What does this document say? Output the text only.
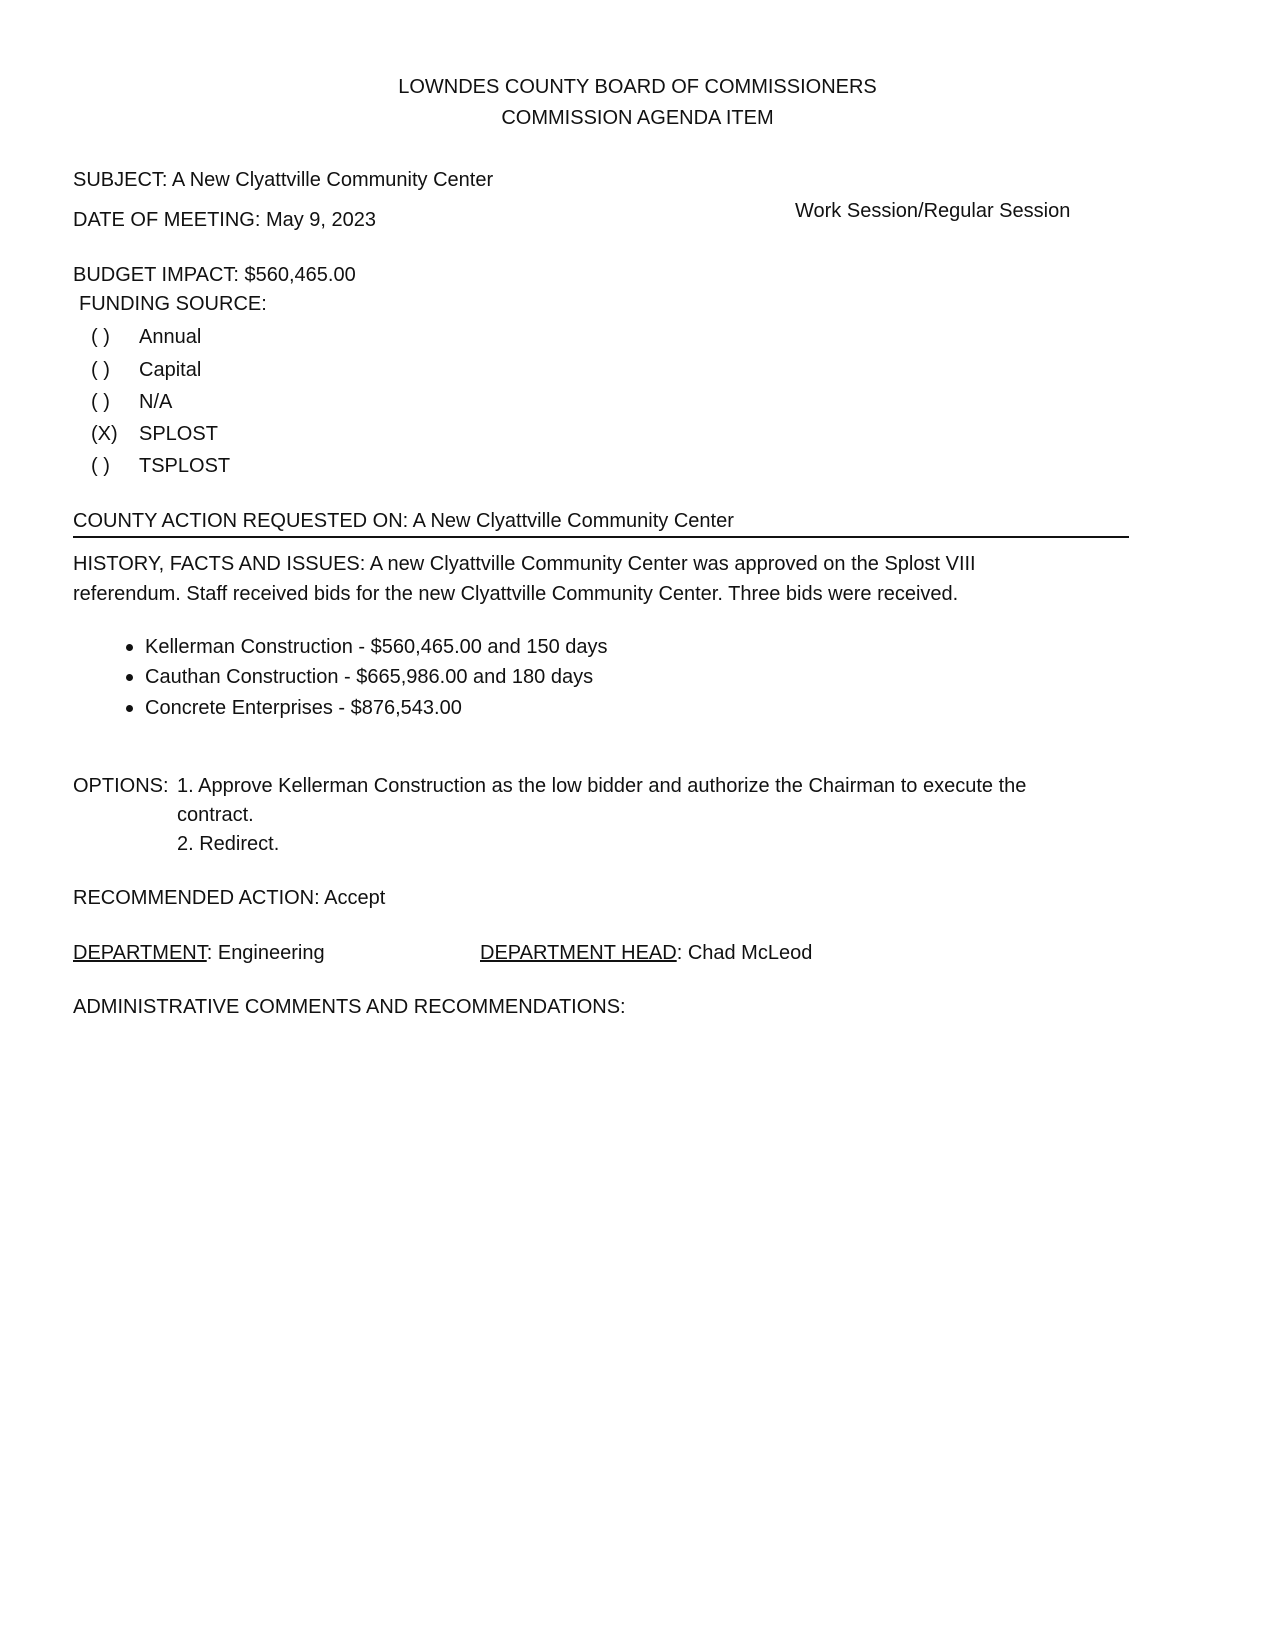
LOWNDES COUNTY BOARD OF COMMISSIONERS
COMMISSION AGENDA ITEM
SUBJECT: A New Clyattville Community Center
DATE OF MEETING: May 9, 2023	Work Session/Regular Session
BUDGET IMPACT: $560,465.00
FUNDING SOURCE:
( ) Annual
( ) Capital
( ) N/A
(X) SPLOST
( ) TSPLOST
COUNTY ACTION REQUESTED ON: A New Clyattville Community Center
HISTORY, FACTS AND ISSUES: A new Clyattville Community Center was approved on the Splost VIII
referendum. Staff received bids for the new Clyattville Community Center. Three bids were received.
Kellerman Construction - $560,465.00 and 150 days
Cauthan Construction - $665,986.00 and 180 days
Concrete Enterprises - $876,543.00
OPTIONS: 1. Approve Kellerman Construction as the low bidder and authorize the Chairman to execute the
contract.
2. Redirect.
RECOMMENDED ACTION: Accept
DEPARTMENT: Engineering	DEPARTMENT HEAD: Chad McLeod
ADMINISTRATIVE COMMENTS AND RECOMMENDATIONS:
